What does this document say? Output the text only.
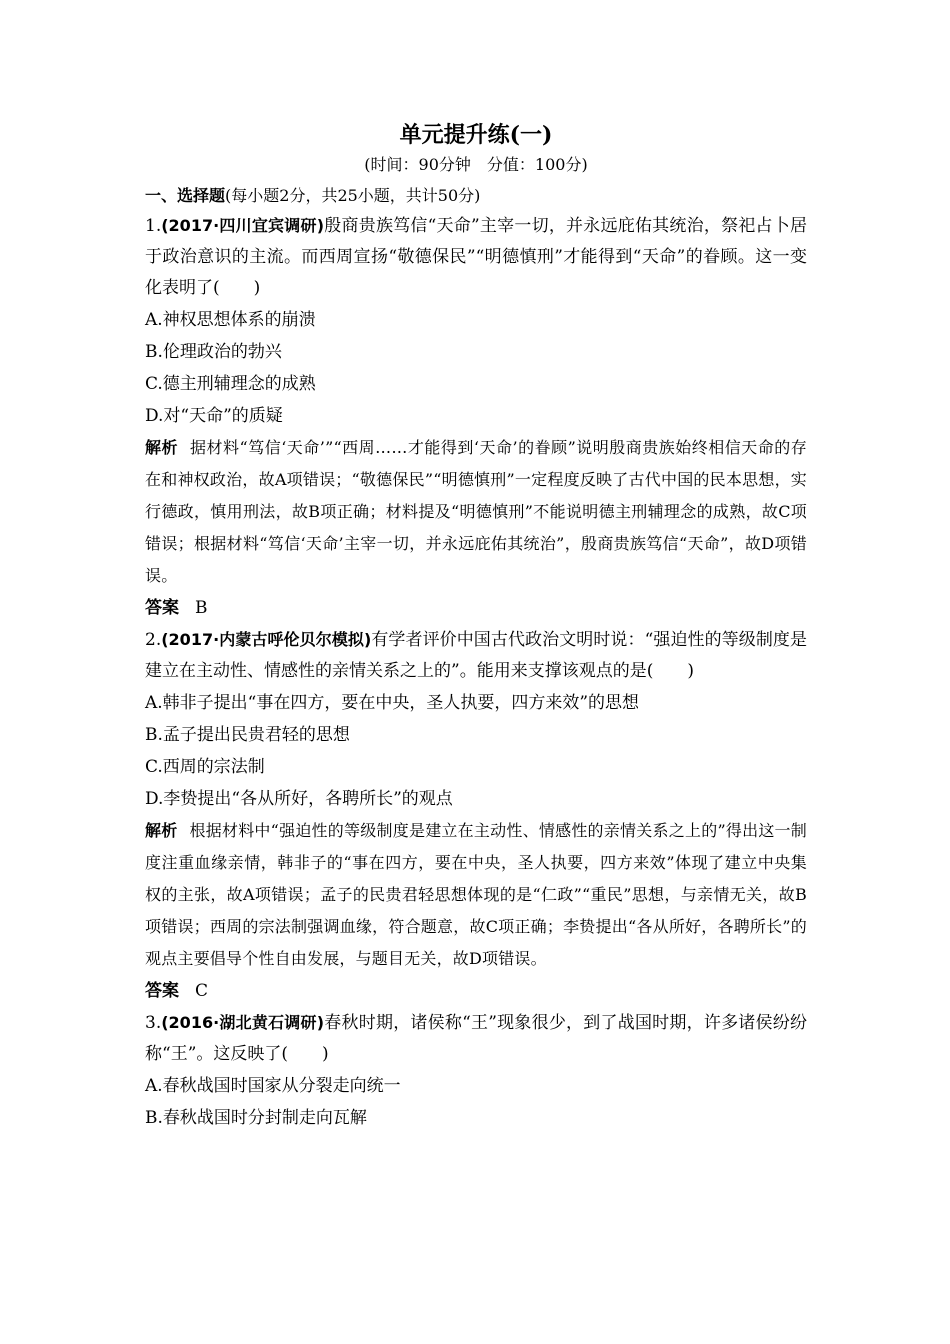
单元提升练(一)

(时间：90分钟　分值：100分)

一、选择题(每小题2分，共25小题，共计50分)

1.(2017·四川宜宾调研)殷商贵族笃信“天命”主宰一切，并永远庇佑其统治，祭祀占卜居于政治意识的主流。而西周宣扬“敬德保民”“明德慎刑”才能得到“天命”的眷顾。这一变化表明了(　　)

A.神权思想体系的崩溃

B.伦理政治的勃兴

C.德主刑辅理念的成熟

D.对“天命”的质疑

解析 据材料“笃信‘天命’”“西周……才能得到‘天命’的眷顾”说明殷商贵族始终相信天命的存在和神权政治，故A项错误；“敬德保民”“明德慎刑”一定程度反映了古代中国的民本思想，实行德政，慎用刑法，故B项正确；材料提及“明德慎刑”不能说明德主刑辅理念的成熟，故C项错误；根据材料“笃信‘天命’主宰一切，并永远庇佑其统治”，殷商贵族笃信“天命”，故D项错误。

答案 B

2.(2017·内蒙古呼伦贝尔模拟)有学者评价中国古代政治文明时说：“强迫性的等级制度是建立在主动性、情感性的亲情关系之上的”。能用来支撑该观点的是(　　)

A.韩非子提出“事在四方，要在中央，圣人执要，四方来效”的思想

B.孟子提出民贵君轻的思想

C.西周的宗法制

D.李贽提出“各从所好，各聘所长”的观点

解析 根据材料中“强迫性的等级制度是建立在主动性、情感性的亲情关系之上的”得出这一制度注重血缘亲情，韩非子的“事在四方，要在中央，圣人执要，四方来效”体现了建立中央集权的主张，故A项错误；孟子的民贵君轻思想体现的是“仁政”“重民”思想，与亲情无关，故B项错误；西周的宗法制强调血缘，符合题意，故C项正确；李贽提出“各从所好，各聘所长”的观点主要倡导个性自由发展，与题目无关，故D项错误。

答案 C

3.(2016·湖北黄石调研)春秋时期，诸侯称“王”现象很少，到了战国时期，许多诸侯纷纷称“王”。这反映了(　　)

A.春秋战国时国家从分裂走向统一

B.春秋战国时分封制走向瓦解
